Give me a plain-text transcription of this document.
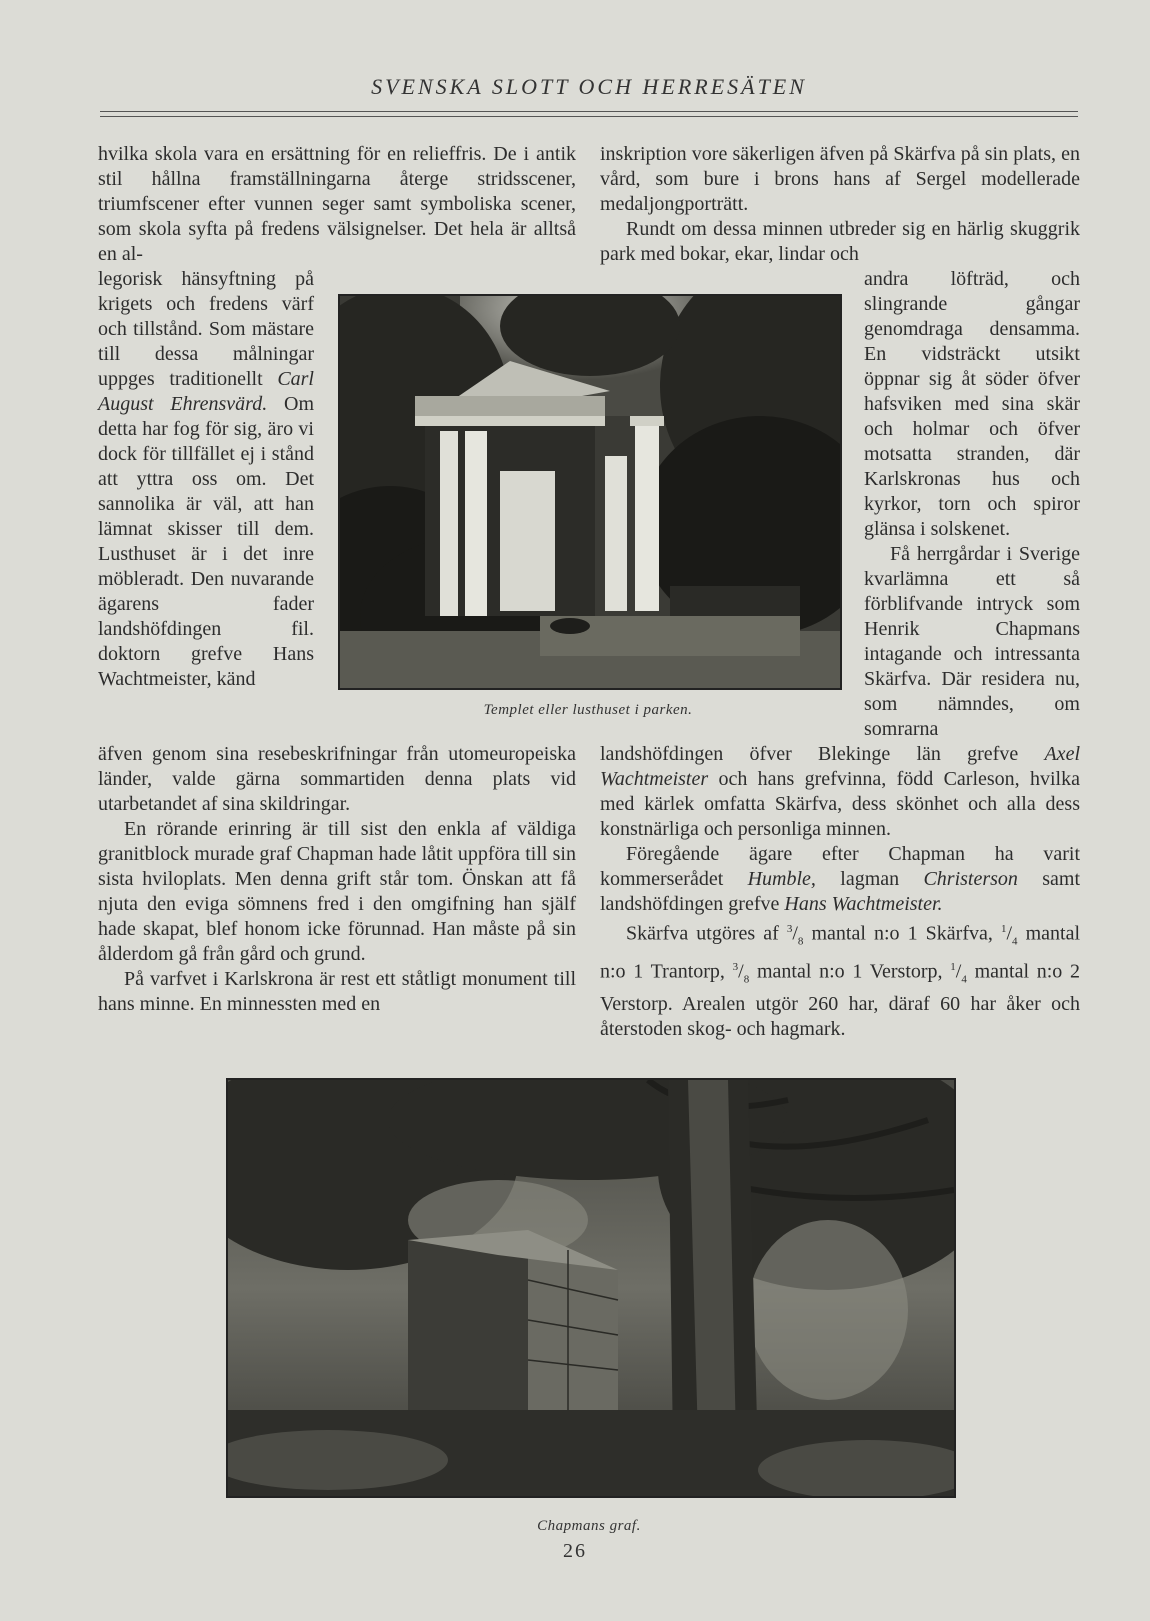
SVENSKA SLOTT OCH HERRESÄTEN

hvilka skola vara en ersättning för en relieffris. De i antik stil hållna framställningarna återge stridsscener, triumfscener efter vunnen seger samt symboliska scener, som skola syfta på fredens välsignelser. Det hela är alltså en al-

legorisk hänsyftning på krigets och fredens värf och tillstånd. Som mästare till dessa målningar uppges traditionellt Carl August Ehrensvärd. Om detta har fog för sig, äro vi dock för tillfället ej i stånd att yttra oss om. Det sannolika är väl, att han lämnat skisser till dem. Lusthuset är i det inre möbleradt. Den nuvarande ägarens fader landshöfdingen fil. doktorn grefve Hans Wachtmeister, känd

äfven genom sina resebeskrifningar från utomeuropeiska länder, valde gärna sommartiden denna plats vid utarbetandet af sina skildringar.

En rörande erinring är till sist den enkla af väldiga granitblock murade graf Chapman hade låtit uppföra till sin sista hviloplats. Men denna grift står tom. Önskan att få njuta den eviga sömnens fred i den omgifning han själf hade skapat, blef honom icke förunnad. Han måste på sin ålderdom gå från gård och grund.

På varfvet i Karlskrona är rest ett ståtligt monument till hans minne. En minnessten med en

inskription vore säkerligen äfven på Skärfva på sin plats, en vård, som bure i brons hans af Sergel modellerade medaljongporträtt.

Rundt om dessa minnen utbreder sig en härlig skuggrik park med bokar, ekar, lindar och

andra löfträd, och slingrande gångar genomdraga densamma. En vidsträckt utsikt öppnar sig åt söder öfver hafsviken med sina skär och holmar och öfver motsatta stranden, där Karlskronas hus och kyrkor, torn och spiror glänsa i solskenet.

Få herrgårdar i Sverige kvarlämna ett så förblifvande intryck som Henrik Chapmans intagande och intressanta Skärfva. Där residera nu, som nämndes, om somrarna

landshöfdingen öfver Blekinge län grefve Axel Wachtmeister och hans grefvinna, född Carleson, hvilka med kärlek omfatta Skärfva, dess skönhet och alla dess konstnärliga och personliga minnen.

Föregående ägare efter Chapman ha varit kommerserådet Humble, lagman Christerson samt landshöfdingen grefve Hans Wachtmeister.

Skärfva utgöres af $^3/_8$ mantal n:o 1 Skärfva, $^1/_4$ mantal n:o 1 Trantorp, $^3/_8$ mantal n:o 1 Verstorp, $^1/_4$ mantal n:o 2 Verstorp. Arealen utgör 260 har, däraf 60 har åker och återstoden skog- och hagmark.

Templet eller lusthuset i parken.
Chapmans graf.
26
